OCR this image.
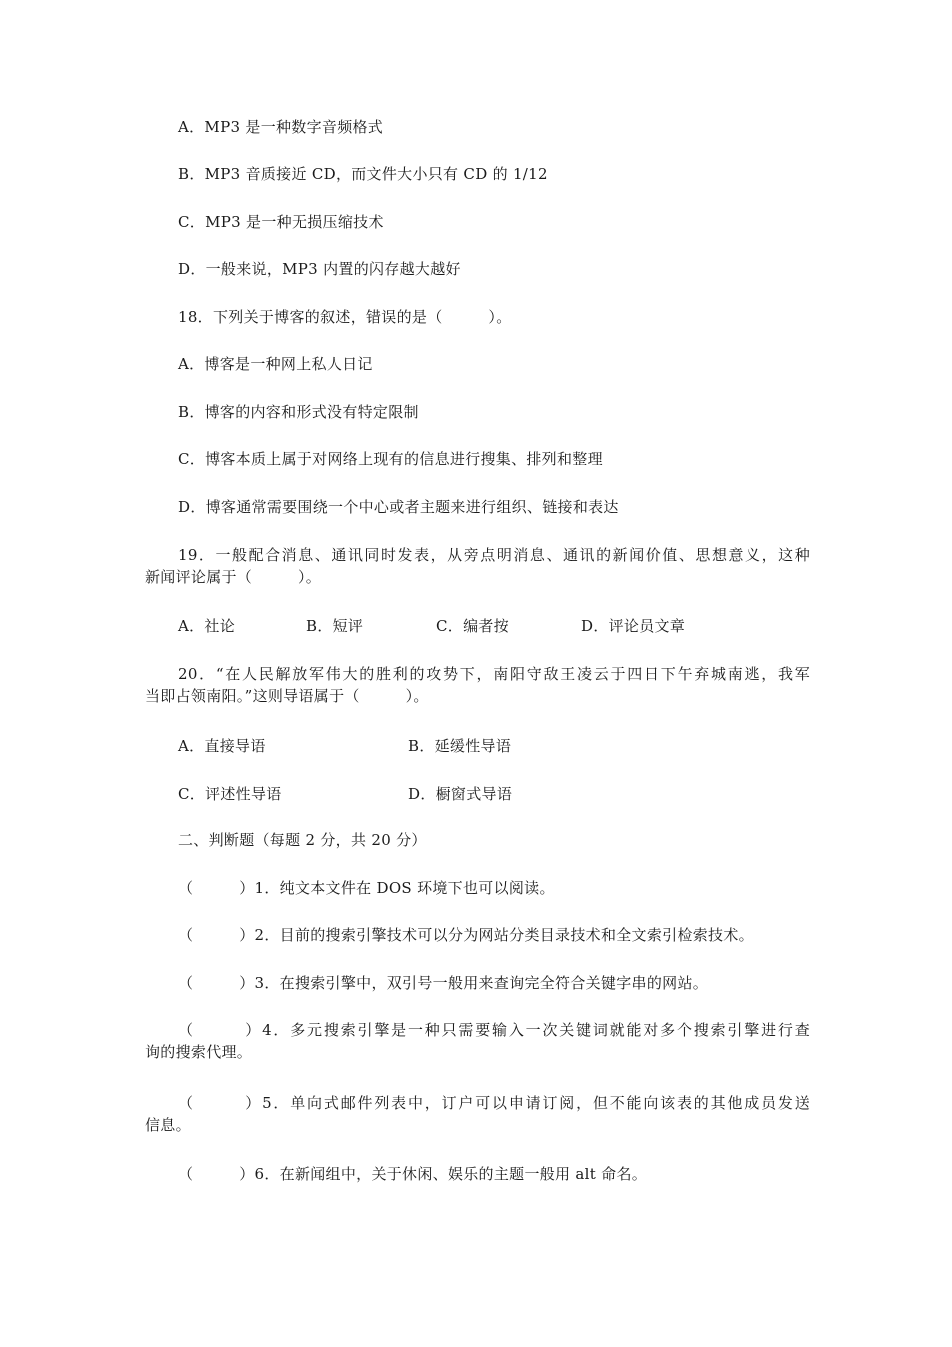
A．MP3 是一种数字音频格式
B．MP3 音质接近 CD，而文件大小只有 CD 的 1/12
C．MP3 是一种无损压缩技术
D．一般来说，MP3 内置的闪存越大越好
18．下列关于博客的叙述，错误的是（　　　）。
A．博客是一种网上私人日记
B．博客的内容和形式没有特定限制
C．博客本质上属于对网络上现有的信息进行搜集、排列和整理
D．博客通常需要围绕一个中心或者主题来进行组织、链接和表达
19．一般配合消息、通讯同时发表，从旁点明消息、通讯的新闻价值、思想意义，这种
新闻评论属于（　　　）。
A．社论	B．短评	C．编者按	D．评论员文章
20．“在人民解放军伟大的胜利的攻势下，南阳守敌王凌云于四日下午弃城南逃，我军
当即占领南阳。”这则导语属于（　　　）。
A．直接导语	B．延缓性导语
C．评述性导语	D．橱窗式导语
二、判断题（每题 2 分，共 20 分）
（　　　）1．纯文本文件在 DOS 环境下也可以阅读。
（　　　）2．目前的搜索引擎技术可以分为网站分类目录技术和全文索引检索技术。
（　　　）3．在搜索引擎中，双引号一般用来查询完全符合关键字串的网站。
（　　　）4．多元搜索引擎是一种只需要输入一次关键词就能对多个搜索引擎进行查
询的搜索代理。
（　　　）5．单向式邮件列表中，订户可以申请订阅，但不能向该表的其他成员发送
信息。
（　　　）6．在新闻组中，关于休闲、娱乐的主题一般用 alt 命名。
